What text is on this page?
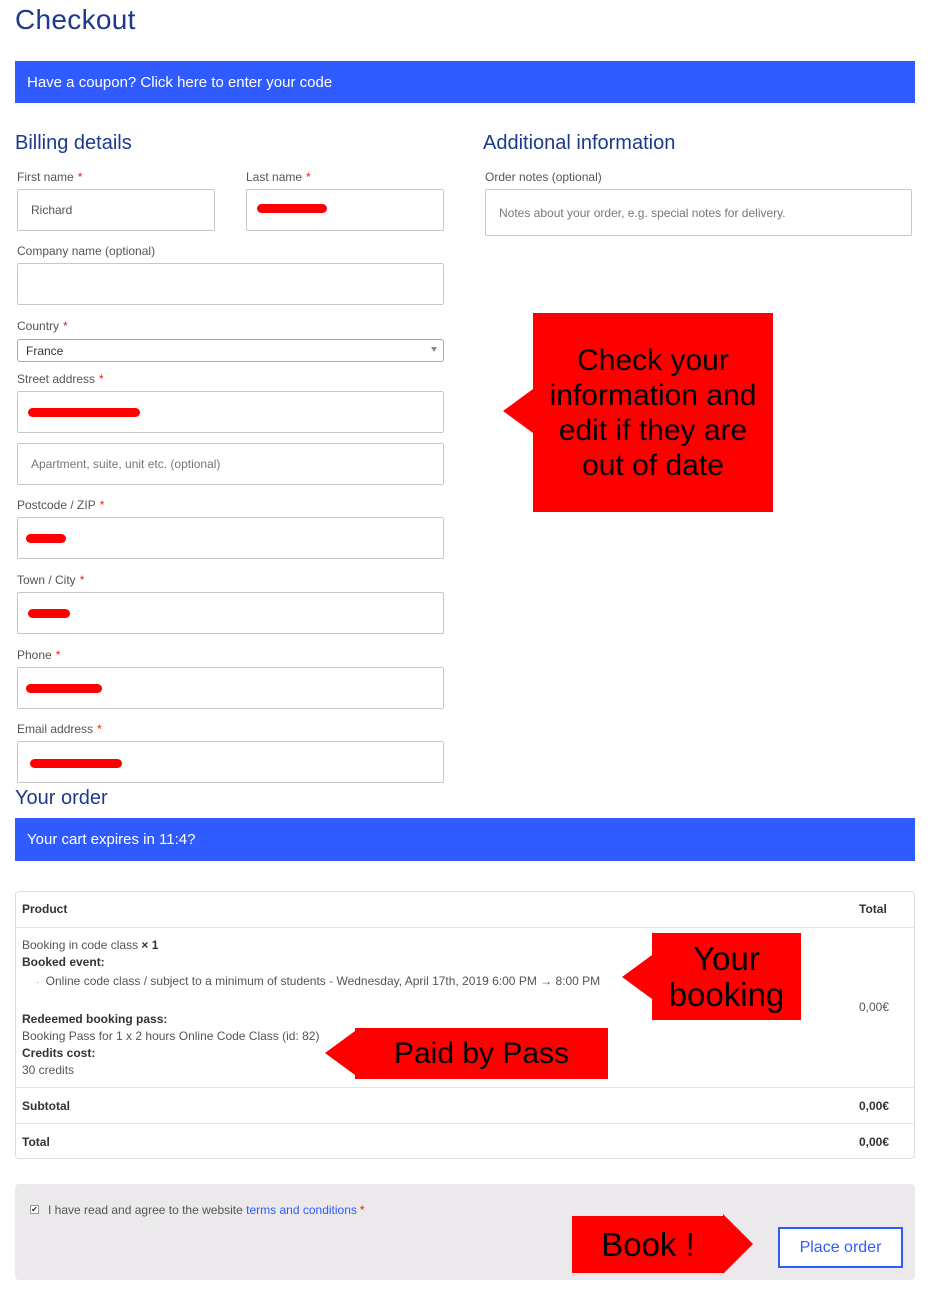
Checkout
Have a coupon? Click here to enter your code
Billing details	Additional information
First name *
Richard
Last name *	Order notes (optional)
Notes about your order, e.g. special notes for delivery.
Company name (optional)
Country *
France
Street address *
Apartment, suite, unit etc. (optional)
Postcode / ZIP *
Town / City *
Phone *
Email address *
Check your information and edit if they are out of date
Your order
Your cart expires in 11:4?
Product	Total
Booking in code class × 1
Booked event:
· Online code class / subject to a minimum of students - Wednesday, April 17th, 2019 6:00 PM → 8:00 PM
Redeemed booking pass:
Booking Pass for 1 x 2 hours Online Code Class (id: 82)
Credits cost:
30 credits
0,00€
Subtotal	0,00€
Total	0,00€
Your booking
Paid by Pass
✔ I have read and agree to the website terms and conditions *
Place order
Book !
